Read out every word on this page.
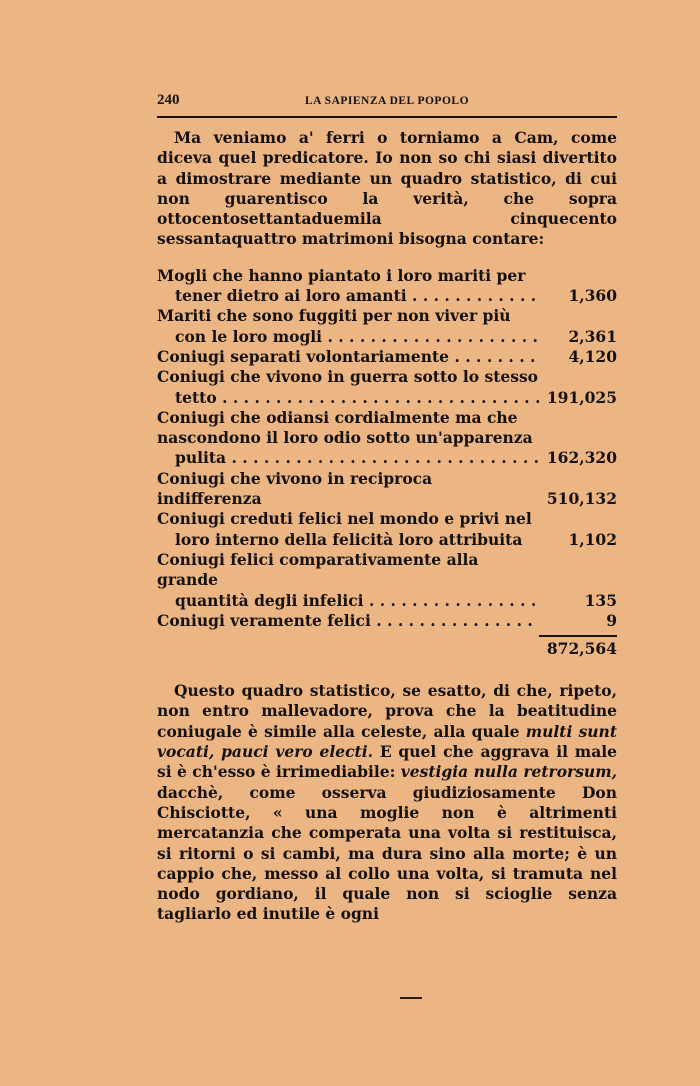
240	LA SAPIENZA DEL POPOLO

Ma veniamo a' ferri o torniamo a Cam, come diceva quel predicatore. Io non so chi siasi divertito a dimostrare mediante un quadro statistico, di cui non guarentisco la verità, che sopra ottocentosettantaduemila cinquecento sessantaquattro matrimoni bisogna contare:

Mogli che hanno piantato i loro mariti per
tener dietro ai loro amanti . . .	1,360
Mariti che sono fuggiti per non viver più
con le loro mogli . . .	2,361
Coniugi separati volontariamente . . .	4,120
Coniugi che vivono in guerra sotto lo stesso
tetto . . .	191,025
Coniugi che odiansi cordialmente ma che nascondono il loro odio sotto un'apparenza
pulita . . .	162,320
Coniugi che vivono in reciproca indifferenza	510,132
Coniugi creduti felici nel mondo e privi nel
loro interno della felicità loro attribuita	1,102
Coniugi felici comparativamente alla grande
quantità degli infelici . . .	135
Coniugi veramente felici . . .	9
872,564

Questo quadro statistico, se esatto, di che, ripeto, non entro mallevadore, prova che la beatitudine coniugale è simile alla celeste, alla quale multi sunt vocati, pauci vero electi. E quel che aggrava il male si è ch'esso è irrimediabile: vestigia nulla retrorsum, dacchè, come osserva giudiziosamente Don Chisciotte, « una moglie non è altrimenti mercatanzia che comperata una volta si restituisca, si ritorni o si cambi, ma dura sino alla morte; è un cappio che, messo al collo una volta, si tramuta nel nodo gordiano, il quale non si scioglie senza tagliarlo ed inutile è ogni
